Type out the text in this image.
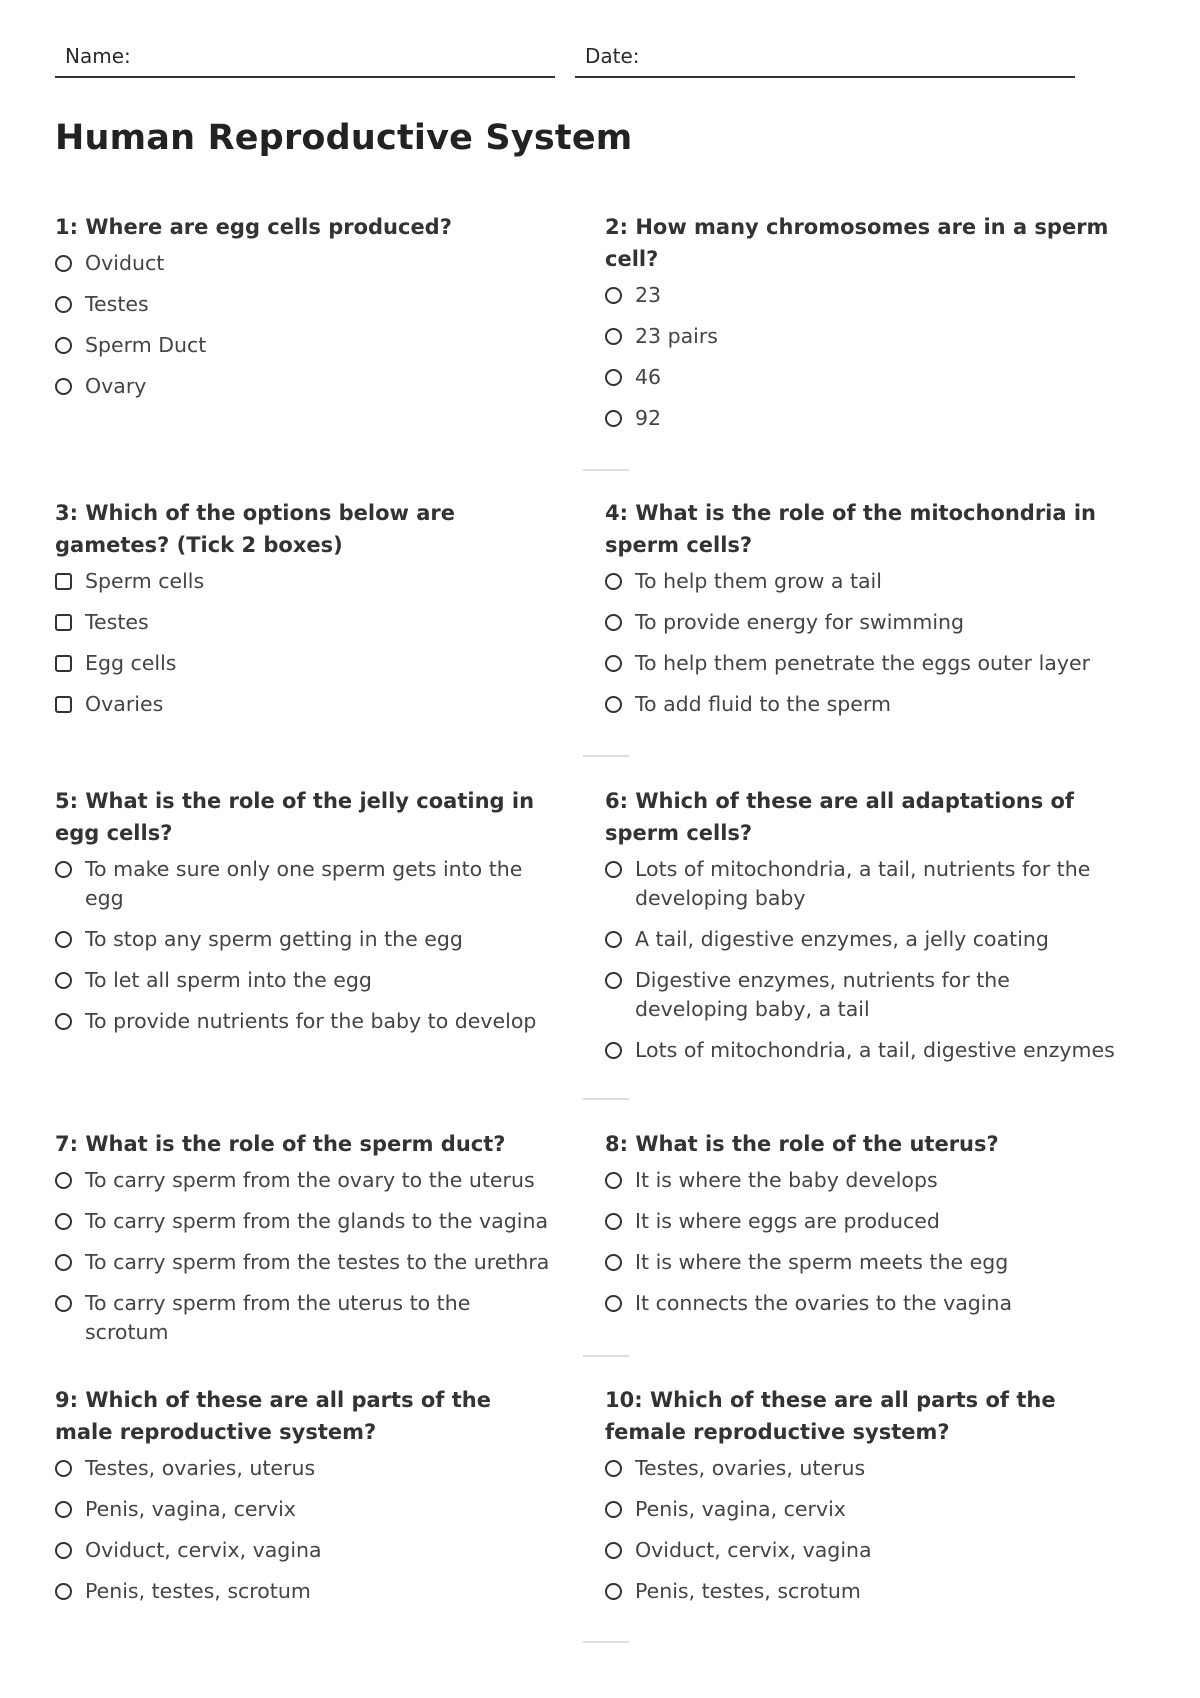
Name:	Date:
Human Reproductive System
1: Where are egg cells produced?
Oviduct
Testes
Sperm Duct
Ovary
2: How many chromosomes are in a sperm cell?
23
23 pairs
46
92
3: Which of the options below are gametes? (Tick 2 boxes)
Sperm cells
Testes
Egg cells
Ovaries
4: What is the role of the mitochondria in sperm cells?
To help them grow a tail
To provide energy for swimming
To help them penetrate the eggs outer layer
To add fluid to the sperm
5: What is the role of the jelly coating in egg cells?
To make sure only one sperm gets into the egg
To stop any sperm getting in the egg
To let all sperm into the egg
To provide nutrients for the baby to develop
6: Which of these are all adaptations of sperm cells?
Lots of mitochondria, a tail, nutrients for the developing baby
A tail, digestive enzymes, a jelly coating
Digestive enzymes, nutrients for the developing baby, a tail
Lots of mitochondria, a tail, digestive enzymes
7: What is the role of the sperm duct?
To carry sperm from the ovary to the uterus
To carry sperm from the glands to the vagina
To carry sperm from the testes to the urethra
To carry sperm from the uterus to the scrotum
8: What is the role of the uterus?
It is where the baby develops
It is where eggs are produced
It is where the sperm meets the egg
It connects the ovaries to the vagina
9: Which of these are all parts of the male reproductive system?
Testes, ovaries, uterus
Penis, vagina, cervix
Oviduct, cervix, vagina
Penis, testes, scrotum
10: Which of these are all parts of the female reproductive system?
Testes, ovaries, uterus
Penis, vagina, cervix
Oviduct, cervix, vagina
Penis, testes, scrotum
